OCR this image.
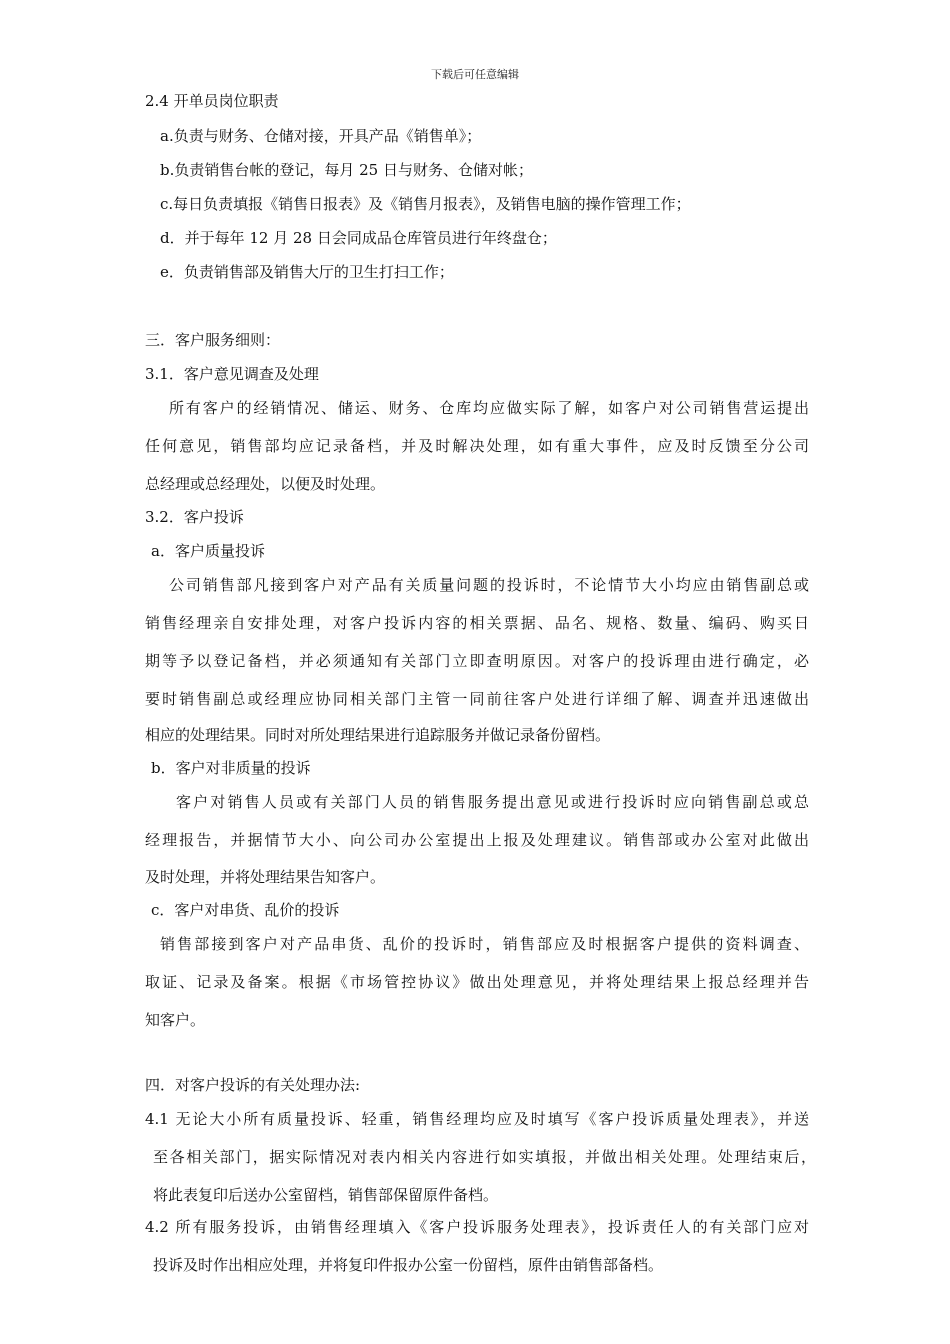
下载后可任意编辑
2.4 开单员岗位职责
a.负责与财务、仓储对接，开具产品《销售单》；
b.负责销售台帐的登记，每月 25 日与财务、仓储对帐；
c.每日负责填报《销售日报表》及《销售月报表》，及销售电脑的操作管理工作；
d．并于每年 12 月 28 日会同成品仓库管员进行年终盘仓；
e．负责销售部及销售大厅的卫生打扫工作；
三．客户服务细则：
3.1．客户意见调查及处理
所有客户的经销情况、储运、财务、仓库均应做实际了解，如客户对公司销售营运提出
任何意见，销售部均应记录备档，并及时解决处理，如有重大事件，应及时反馈至分公司
总经理或总经理处，以便及时处理。
3.2．客户投诉
a．客户质量投诉
公司销售部凡接到客户对产品有关质量问题的投诉时，不论情节大小均应由销售副总或
销售经理亲自安排处理，对客户投诉内容的相关票据、品名、规格、数量、编码、购买日
期等予以登记备档，并必须通知有关部门立即查明原因。对客户的投诉理由进行确定，必
要时销售副总或经理应协同相关部门主管一同前往客户处进行详细了解、调查并迅速做出
相应的处理结果。同时对所处理结果进行追踪服务并做记录备份留档。
b．客户对非质量的投诉
客户对销售人员或有关部门人员的销售服务提出意见或进行投诉时应向销售副总或总
经理报告，并据情节大小、向公司办公室提出上报及处理建议。销售部或办公室对此做出
及时处理，并将处理结果告知客户。
c．客户对串货、乱价的投诉
销售部接到客户对产品串货、乱价的投诉时，销售部应及时根据客户提供的资料调查、
取证、记录及备案。根据《市场管控协议》做出处理意见，并将处理结果上报总经理并告
知客户。
四．对客户投诉的有关处理办法:
4.1 无论大小所有质量投诉、轻重，销售经理均应及时填写《客户投诉质量处理表》，并送
至各相关部门，据实际情况对表内相关内容进行如实填报，并做出相关处理。处理结束后，
将此表复印后送办公室留档，销售部保留原件备档。
4.2 所有服务投诉，由销售经理填入《客户投诉服务处理表》，投诉责任人的有关部门应对
投诉及时作出相应处理，并将复印件报办公室一份留档，原件由销售部备档。
